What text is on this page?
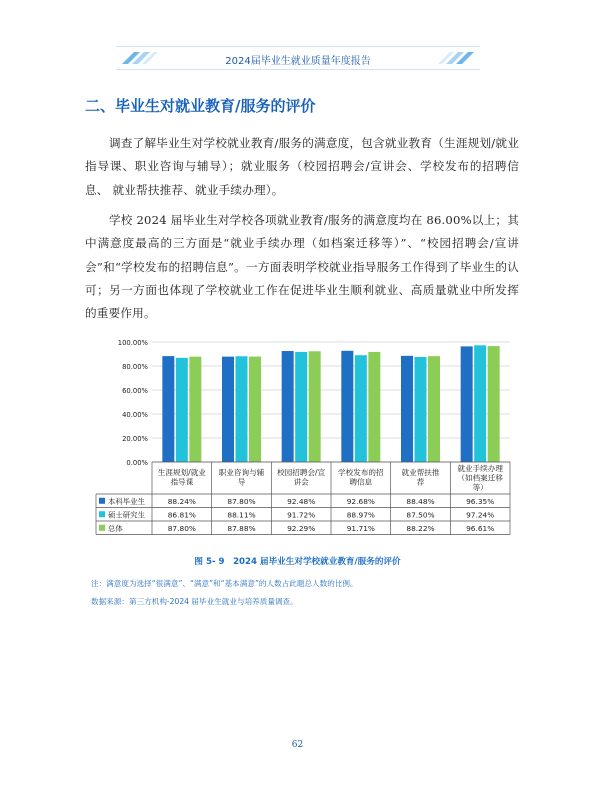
2024届毕业生就业质量年度报告
二、毕业生对就业教育/服务的评价
调查了解毕业生对学校就业教育/服务的满意度，包含就业教育（生涯规划/就业指导课、职业咨询与辅导）；就业服务（校园招聘会/宣讲会、学校发布的招聘信息、 就业帮扶推荐、就业手续办理）。
学校 2024 届毕业生对学校各项就业教育/服务的满意度均在 86.00%以上；其中满意度最高的三方面是“就业手续办理（如档案迁移等）”、“校园招聘会/宣讲会”和“学校发布的招聘信息”。一方面表明学校就业指导服务工作得到了毕业生的认可；另一方面也体现了学校就业工作在促进毕业生顺利就业、高质量就业中所发挥的重要作用。
0.00%
20.00%
40.00%
60.00%
80.00%
100.00%
生涯规划/就业
指导课
职业咨询与辅
导
校园招聘会/宣
讲会
学校发布的招
聘信息
就业帮扶推
荐
就业手续办理
（如档案迁移
等）
本科毕业生	88.24%	87.80%	92.48%	92.68%	88.48%	96.35%
硕士研究生	86.81%	88.11%	91.72%	88.97%	87.50%	97.24%
总体	87.80%	87.88%	92.29%	91.71%	88.22%	96.61%
图 5- 9　2024 届毕业生对学校就业教育/服务的评价
注：满意度为选择“很满意”、“满意”和“基本满意”的人数占此题总人数的比例。
数据来源：第三方机构-2024 届毕业生就业与培养质量调查。
62
